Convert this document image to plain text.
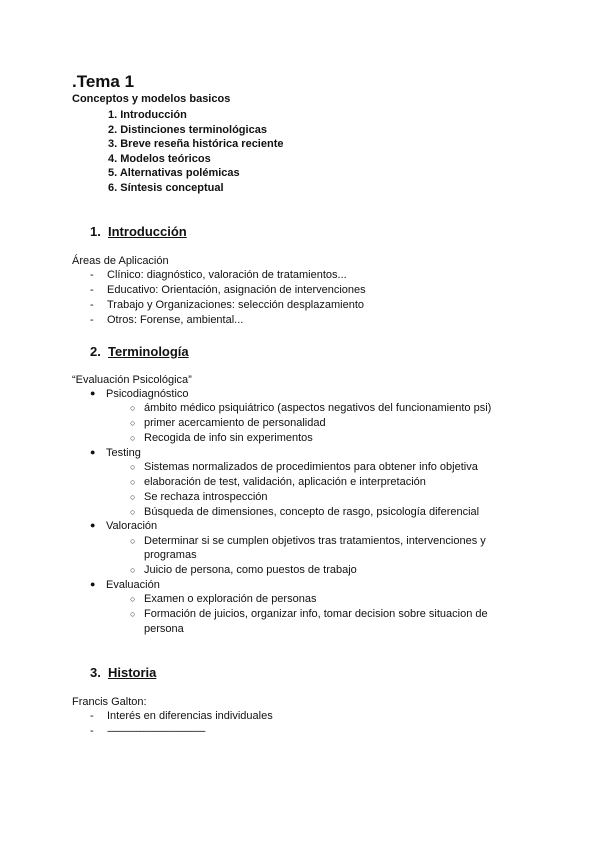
.Tema 1
Conceptos y modelos basicos
1. Introducción
2. Distinciones terminológicas
3. Breve reseña histórica reciente
4. Modelos teóricos
5. Alternativas polémicas
6. Síntesis conceptual
1. Introducción
Áreas de Aplicación
- Clínico: diagnóstico, valoración de tratamientos...
- Educativo: Orientación, asignación de intervenciones
- Trabajo y Organizaciones: selección desplazamiento
- Otros: Forense, ambiental...
2. Terminología
“Evaluación Psicológica”
● Psicodiagnóstico
○ ámbito médico psiquiátrico (aspectos negativos del funcionamiento psi)
○ primer acercamiento de personalidad
○ Recogida de info sin experimentos
● Testing
○ Sistemas normalizados de procedimientos para obtener info objetiva
○ elaboración de test, validación, aplicación e interpretación
○ Se rechaza introspección
○ Búsqueda de dimensiones, concepto de rasgo, psicología diferencial
● Valoración
○ Determinar si se cumplen objetivos tras tratamientos, intervenciones y
programas
○ Juicio de persona, como puestos de trabajo
● Evaluación
○ Examen o exploración de personas
○ Formación de juicios, organizar info, tomar decision sobre situacion de
persona
3. Historia
Francis Galton:
- Interés en diferencias individuales
- -----------------------------------------------------------------
